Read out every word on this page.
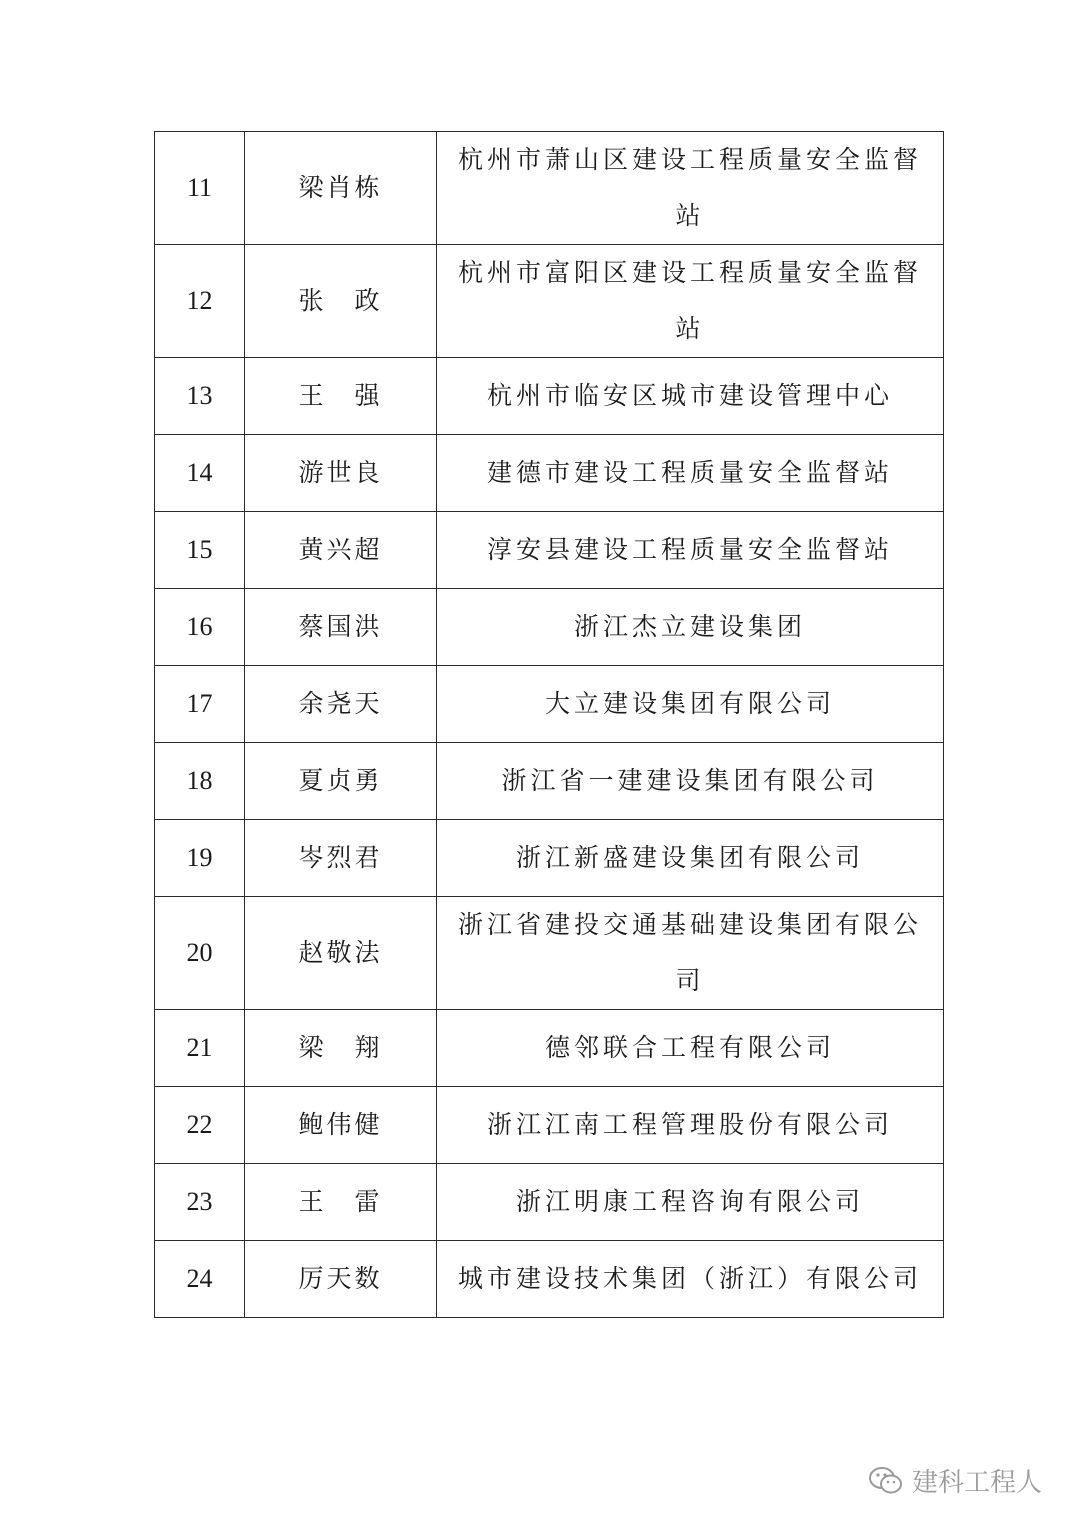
11	梁肖栋	杭州市萧山区建设工程质量安全监督站
12	张　政	杭州市富阳区建设工程质量安全监督站
13	王　强	杭州市临安区城市建设管理中心
14	游世良	建德市建设工程质量安全监督站
15	黄兴超	淳安县建设工程质量安全监督站
16	蔡国洪	浙江杰立建设集团
17	余尧天	大立建设集团有限公司
18	夏贞勇	浙江省一建建设集团有限公司
19	岑烈君	浙江新盛建设集团有限公司
20	赵敬法	浙江省建投交通基础建设集团有限公司
21	梁　翔	德邻联合工程有限公司
22	鲍伟健	浙江江南工程管理股份有限公司
23	王　雷	浙江明康工程咨询有限公司
24	厉天数	城市建设技术集团（浙江）有限公司
建科工程人
